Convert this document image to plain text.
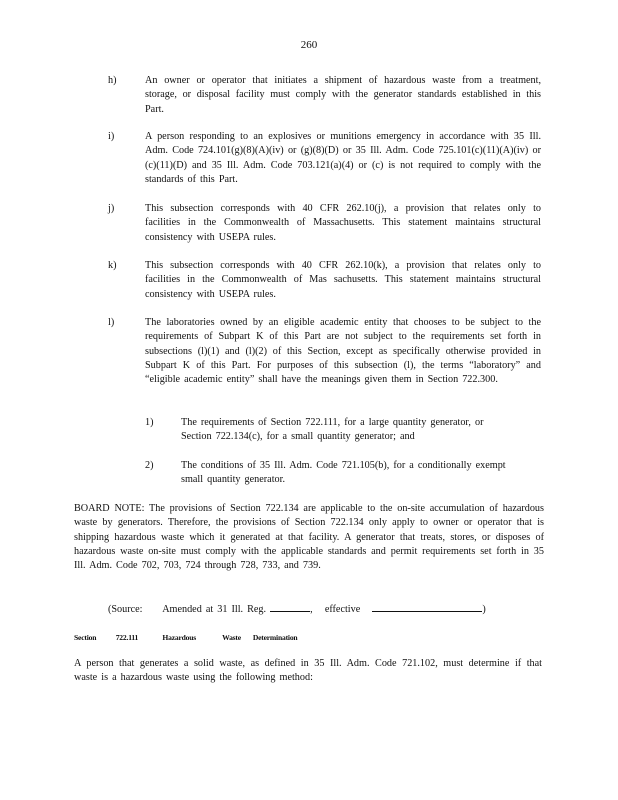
260
h)	An owner or operator that initiates a shipment of hazardous waste from a treatment, storage, or disposal facility must comply with the generator standards established in this Part.
i)	A person responding to an explosives or munitions emergency in accordance with 35 Ill. Adm. Code 724.101(g)(8)(A)(iv) or (g)(8)(D) or 35 Ill. Adm. Code 725.101(c)(11)(A)(iv) or (c)(11)(D) and 35 Ill. Adm. Code 703.121(a)(4) or (c) is not required to comply with the standards of this Part.
j)	This subsection corresponds with 40 CFR 262.10(j), a provision that relates only to facilities in the Commonwealth of Massachusetts. This statement maintains structural consistency with USEPA rules.
k)	This subsection corresponds with 40 CFR 262.10(k), a provision that relates only to facilities in the Commonwealth of Mas sachusetts. This statement maintains structural consistency with USEPA rules.
l)	The laboratories owned by an eligible academic entity that chooses to be subject to the requirements of Subpart K of this Part are not subject to the requirements set forth in subsections (l)(1) and (l)(2) of this Section, except as specifically otherwise provided in Subpart K of this Part. For purposes of this subsection (l), the terms “laboratory” and “eligible academic entity” shall have the meanings given them in Section 722.300.
1)	The requirements of Section 722.111, for a large quantity generator, or Section 722.134(c), for a small quantity generator; and
2)	The conditions of 35 Ill. Adm. Code 721.105(b), for a conditionally exempt small quantity generator.
BOARD NOTE: The provisions of Section 722.134 are applicable to the on-site accumulation of hazardous waste by generators. Therefore, the provisions of Section 722.134 only apply to owner or operator that is shipping hazardous waste which it generated at that facility. A generator that treats, stores, or disposes of hazardous waste on-site must comply with the applicable standards and permit requirements set forth in 35 Ill. Adm. Code 702, 703, 724 through 728, 733, and 739.
(Source: Amended at 31 Ill. Reg.	,   effective	)
Section	722.111	Hazardous	Waste Determination
A person that generates a solid waste, as defined in 35 Ill. Adm. Code 721.102, must determine if that waste is a hazardous waste using the following method:
